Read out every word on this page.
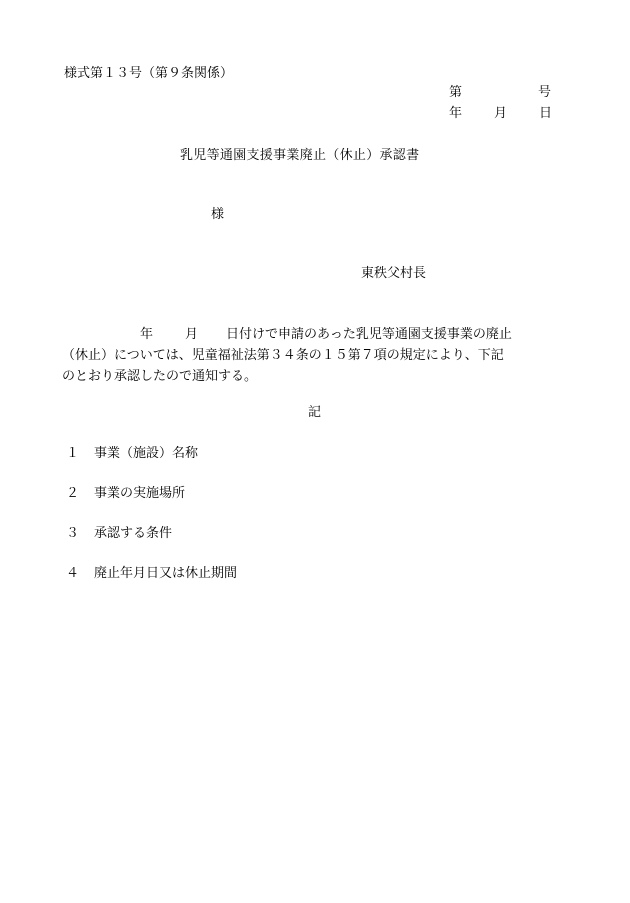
様式第１３号（第９条関係）
第	号
年 月 日
乳児等通園支援事業廃止（休止）承認書
様
東秩父村長
年 月 日付けで申請のあった乳児等通園支援事業の廃止
（休止）については、児童福祉法第３４条の１５第７項の規定により、下記
のとおり承認したので通知する。
記
１ 事業（施設）名称
２ 事業の実施場所
３ 承認する条件
４ 廃止年月日又は休止期間
